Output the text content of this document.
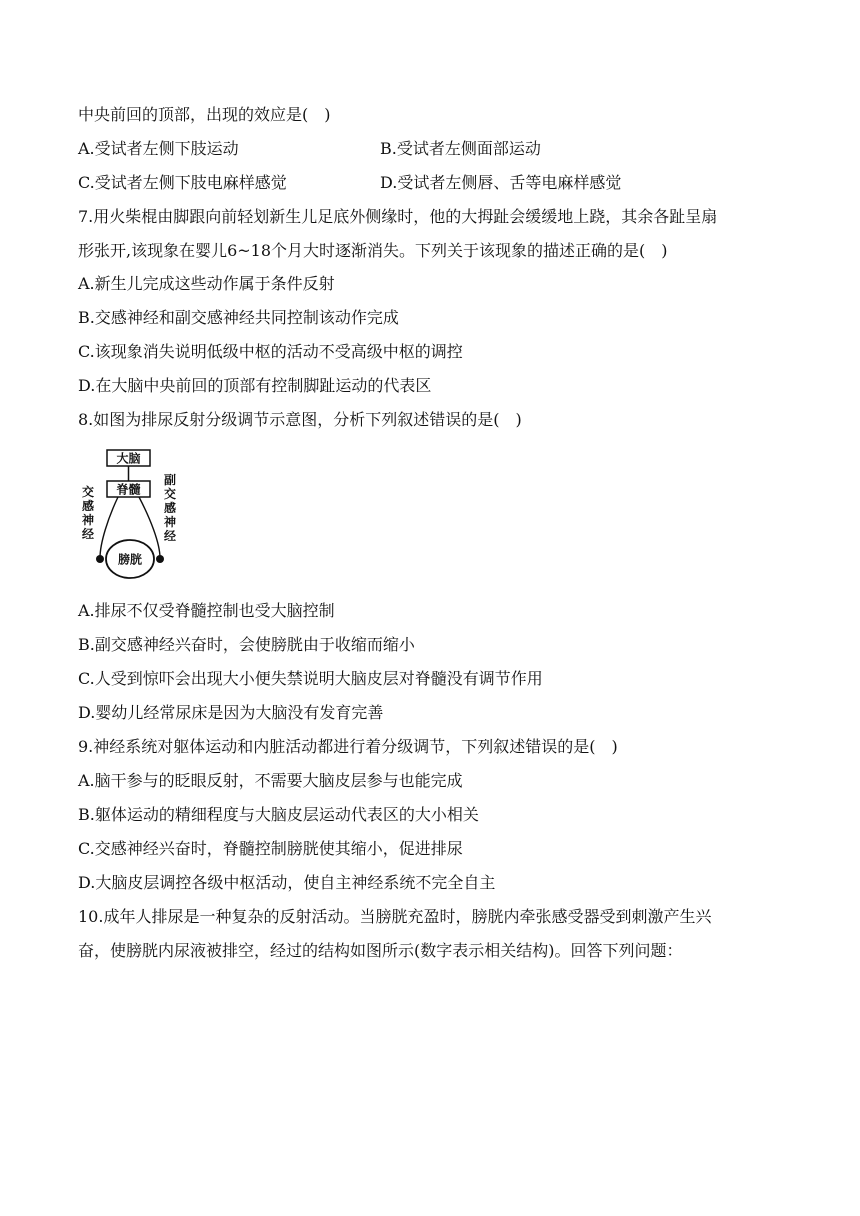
中央前回的顶部，出现的效应是(　)
A.受试者左侧下肢运动	B.受试者左侧面部运动
C.受试者左侧下肢电麻样感觉	D.受试者左侧唇、舌等电麻样感觉
7.用火柴棍由脚跟向前轻划新生儿足底外侧缘时，他的大拇趾会缓缓地上跷，其余各趾呈扇
形张开,该现象在婴儿6~18个月大时逐渐消失。下列关于该现象的描述正确的是(　)
A.新生儿完成这些动作属于条件反射
B.交感神经和副交感神经共同控制该动作完成
C.该现象消失说明低级中枢的活动不受高级中枢的调控
D.在大脑中央前回的顶部有控制脚趾运动的代表区
8.如图为排尿反射分级调节示意图，分析下列叙述错误的是(　)
大脑
脊髓
膀胱
交
感
神
经
副
交
感
神
经
A.排尿不仅受脊髓控制也受大脑控制
B.副交感神经兴奋时，会使膀胱由于收缩而缩小
C.人受到惊吓会出现大小便失禁说明大脑皮层对脊髓没有调节作用
D.婴幼儿经常尿床是因为大脑没有发育完善
9.神经系统对躯体运动和内脏活动都进行着分级调节，下列叙述错误的是(　)
A.脑干参与的眨眼反射，不需要大脑皮层参与也能完成
B.躯体运动的精细程度与大脑皮层运动代表区的大小相关
C.交感神经兴奋时，脊髓控制膀胱使其缩小，促进排尿
D.大脑皮层调控各级中枢活动，使自主神经系统不完全自主
10.成年人排尿是一种复杂的反射活动。当膀胱充盈时，膀胱内牵张感受器受到刺激产生兴
奋，使膀胱内尿液被排空，经过的结构如图所示(数字表示相关结构)。回答下列问题：
